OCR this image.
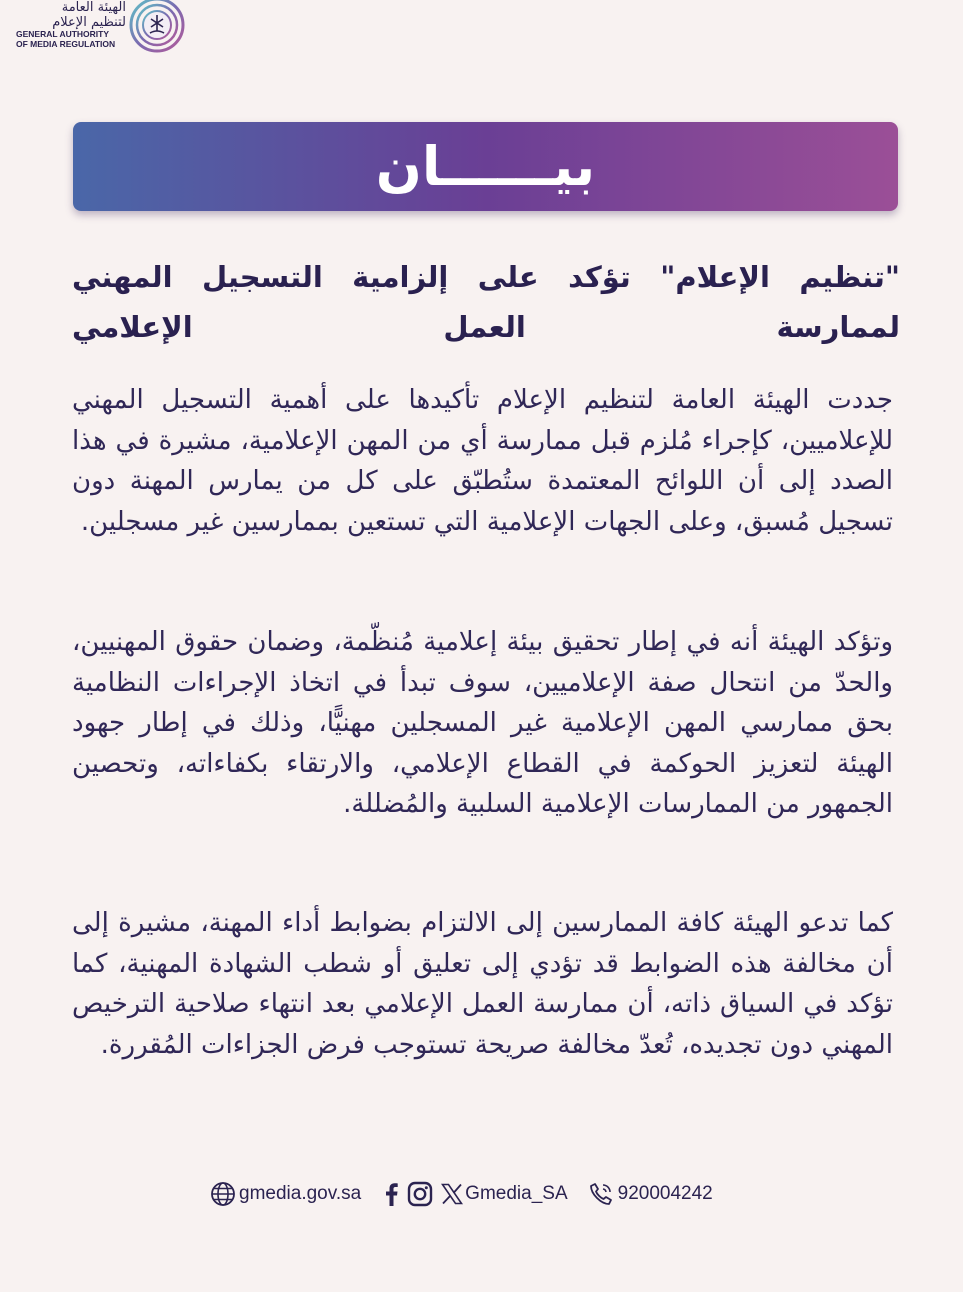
الهيئة العامة
لتنظيم الإعلام
GENERAL AUTHORITY
OF MEDIA REGULATION
بيــــــان
"تنظيم الإعلام" تؤكد على إلزامية التسجيل المهني لممارسة العمل الإعلامي
جددت الهيئة العامة لتنظيم الإعلام تأكيدها على أهمية التسجيل المهني للإعلاميين، كإجراء مُلزم قبل ممارسة أي من المهن الإعلامية، مشيرة في هذا الصدد إلى أن اللوائح المعتمدة ستُطبّق على كل من يمارس المهنة دون تسجيل مُسبق، وعلى الجهات الإعلامية التي تستعين بممارسين غير مسجلين.
وتؤكد الهيئة أنه في إطار تحقيق بيئة إعلامية مُنظّمة، وضمان حقوق المهنيين، والحدّ من انتحال صفة الإعلاميين، سوف تبدأ في اتخاذ الإجراءات النظامية بحق ممارسي المهن الإعلامية غير المسجلين مهنيًّا، وذلك في إطار جهود الهيئة لتعزيز الحوكمة في القطاع الإعلامي، والارتقاء بكفاءاته، وتحصين الجمهور من الممارسات الإعلامية السلبية والمُضللة.
كما تدعو الهيئة كافة الممارسين إلى الالتزام بضوابط أداء المهنة، مشيرة إلى أن مخالفة هذه الضوابط قد تؤدي إلى تعليق أو شطب الشهادة المهنية، كما تؤكد في السياق ذاته، أن ممارسة العمل الإعلامي بعد انتهاء صلاحية الترخيص المهني دون تجديده، تُعدّ مخالفة صريحة تستوجب فرض الجزاءات المُقررة.
gmedia.gov.sa	Gmedia_SA	920004242
